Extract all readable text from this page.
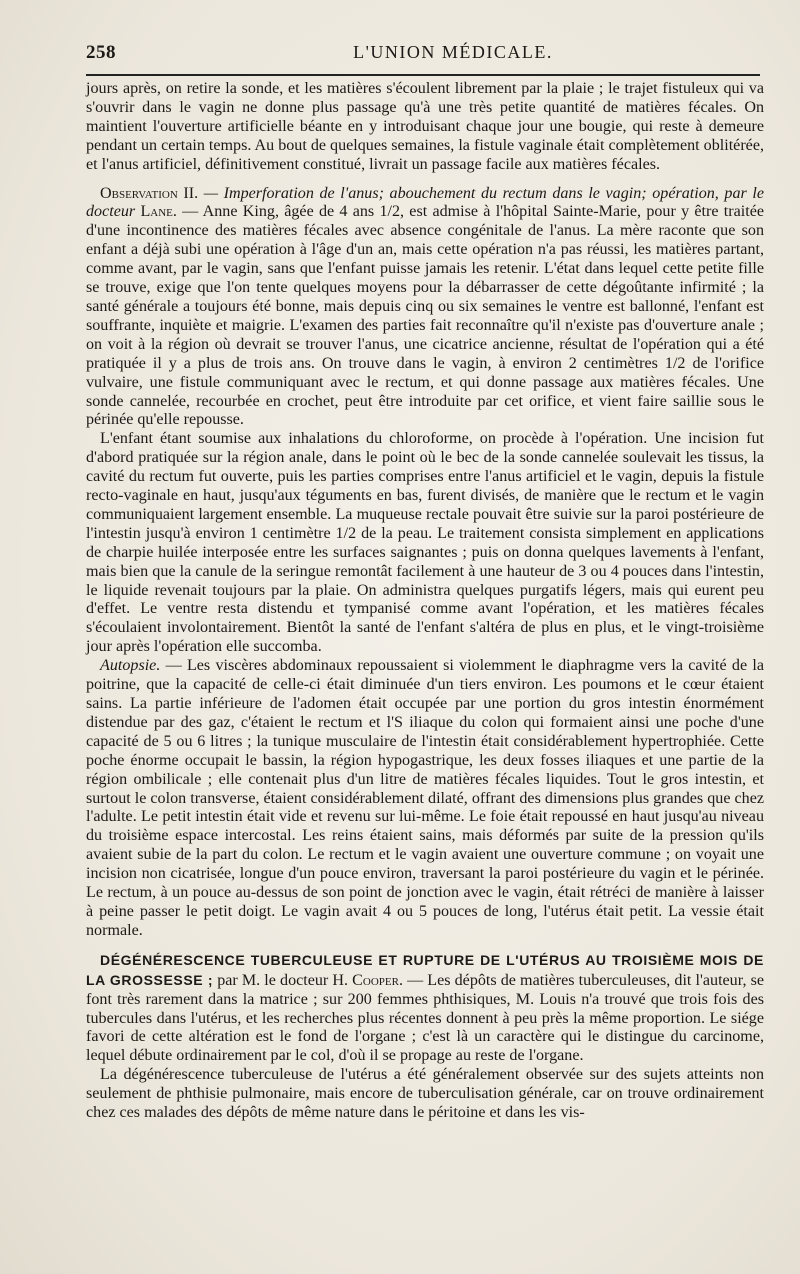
258	L'UNION MÉDICALE.

jours après, on retire la sonde, et les matières s'écoulent librement par la plaie ; le trajet fistuleux qui va s'ouvrir dans le vagin ne donne plus passage qu'à une très petite quantité de matières fécales. On maintient l'ouverture artificielle béante en y introduisant chaque jour une bougie, qui reste à demeure pendant un certain temps. Au bout de quelques semaines, la fistule vaginale était complètement oblitérée, et l'anus artificiel, définitivement constitué, livrait un passage facile aux matières fécales.

Observation II. — Imperforation de l'anus; abouchement du rectum dans le vagin; opération, par le docteur Lane. — Anne King, âgée de 4 ans 1/2, est admise à l'hôpital Sainte-Marie, pour y être traitée d'une incontinence des matières fécales avec absence congénitale de l'anus. La mère raconte que son enfant a déjà subi une opération à l'âge d'un an, mais cette opération n'a pas réussi, les matières partant, comme avant, par le vagin, sans que l'enfant puisse jamais les retenir. L'état dans lequel cette petite fille se trouve, exige que l'on tente quelques moyens pour la débarrasser de cette dégoûtante infirmité ; la santé générale a toujours été bonne, mais depuis cinq ou six semaines le ventre est ballonné, l'enfant est souffrante, inquiète et maigrie. L'examen des parties fait reconnaître qu'il n'existe pas d'ouverture anale ; on voit à la région où devrait se trouver l'anus, une cicatrice ancienne, résultat de l'opération qui a été pratiquée il y a plus de trois ans. On trouve dans le vagin, à environ 2 centimètres 1/2 de l'orifice vulvaire, une fistule communiquant avec le rectum, et qui donne passage aux matières fécales. Une sonde cannelée, recourbée en crochet, peut être introduite par cet orifice, et vient faire saillie sous le périnée qu'elle repousse.

L'enfant étant soumise aux inhalations du chloroforme, on procède à l'opération. Une incision fut d'abord pratiquée sur la région anale, dans le point où le bec de la sonde cannelée soulevait les tissus, la cavité du rectum fut ouverte, puis les parties comprises entre l'anus artificiel et le vagin, depuis la fistule recto-vaginale en haut, jusqu'aux téguments en bas, furent divisés, de manière que le rectum et le vagin communiquaient largement ensemble. La muqueuse rectale pouvait être suivie sur la paroi postérieure de l'intestin jusqu'à environ 1 centimètre 1/2 de la peau. Le traitement consista simplement en applications de charpie huilée interposée entre les surfaces saignantes ; puis on donna quelques lavements à l'enfant, mais bien que la canule de la seringue remontât facilement à une hauteur de 3 ou 4 pouces dans l'intestin, le liquide revenait toujours par la plaie. On administra quelques purgatifs légers, mais qui eurent peu d'effet. Le ventre resta distendu et tympanisé comme avant l'opération, et les matières fécales s'écoulaient involontairement. Bientôt la santé de l'enfant s'altéra de plus en plus, et le vingt-troisième jour après l'opération elle succomba.

Autopsie. — Les viscères abdominaux repoussaient si violemment le diaphragme vers la cavité de la poitrine, que la capacité de celle-ci était diminuée d'un tiers environ. Les poumons et le cœur étaient sains. La partie inférieure de l'adomen était occupée par une portion du gros intestin énormément distendue par des gaz, c'étaient le rectum et l'S iliaque du colon qui formaient ainsi une poche d'une capacité de 5 ou 6 litres ; la tunique musculaire de l'intestin était considérablement hypertrophiée. Cette poche énorme occupait le bassin, la région hypogastrique, les deux fosses iliaques et une partie de la région ombilicale ; elle contenait plus d'un litre de matières fécales liquides. Tout le gros intestin, et surtout le colon transverse, étaient considérablement dilaté, offrant des dimensions plus grandes que chez l'adulte. Le petit intestin était vide et revenu sur lui-même. Le foie était repoussé en haut jusqu'au niveau du troisième espace intercostal. Les reins étaient sains, mais déformés par suite de la pression qu'ils avaient subie de la part du colon. Le rectum et le vagin avaient une ouverture commune ; on voyait une incision non cicatrisée, longue d'un pouce environ, traversant la paroi postérieure du vagin et le périnée. Le rectum, à un pouce au-dessus de son point de jonction avec le vagin, était rétréci de manière à laisser à peine passer le petit doigt. Le vagin avait 4 ou 5 pouces de long, l'utérus était petit. La vessie était normale.

DÉGÉNÉRESCENCE TUBERCULEUSE ET RUPTURE DE L'UTÉRUS AU TROISIÈME MOIS DE LA GROSSESSE ; par M. le docteur H. Cooper. — Les dépôts de matières tuberculeuses, dit l'auteur, se font très rarement dans la matrice ; sur 200 femmes phthisiques, M. Louis n'a trouvé que trois fois des tubercules dans l'utérus, et les recherches plus récentes donnent à peu près la même proportion. Le siége favori de cette altération est le fond de l'organe ; c'est là un caractère qui le distingue du carcinome, lequel débute ordinairement par le col, d'où il se propage au reste de l'organe.

La dégénérescence tuberculeuse de l'utérus a été généralement observée sur des sujets atteints non seulement de phthisie pulmonaire, mais encore de tuberculisation générale, car on trouve ordinairement chez ces malades des dépôts de même nature dans le péritoine et dans les vis-
